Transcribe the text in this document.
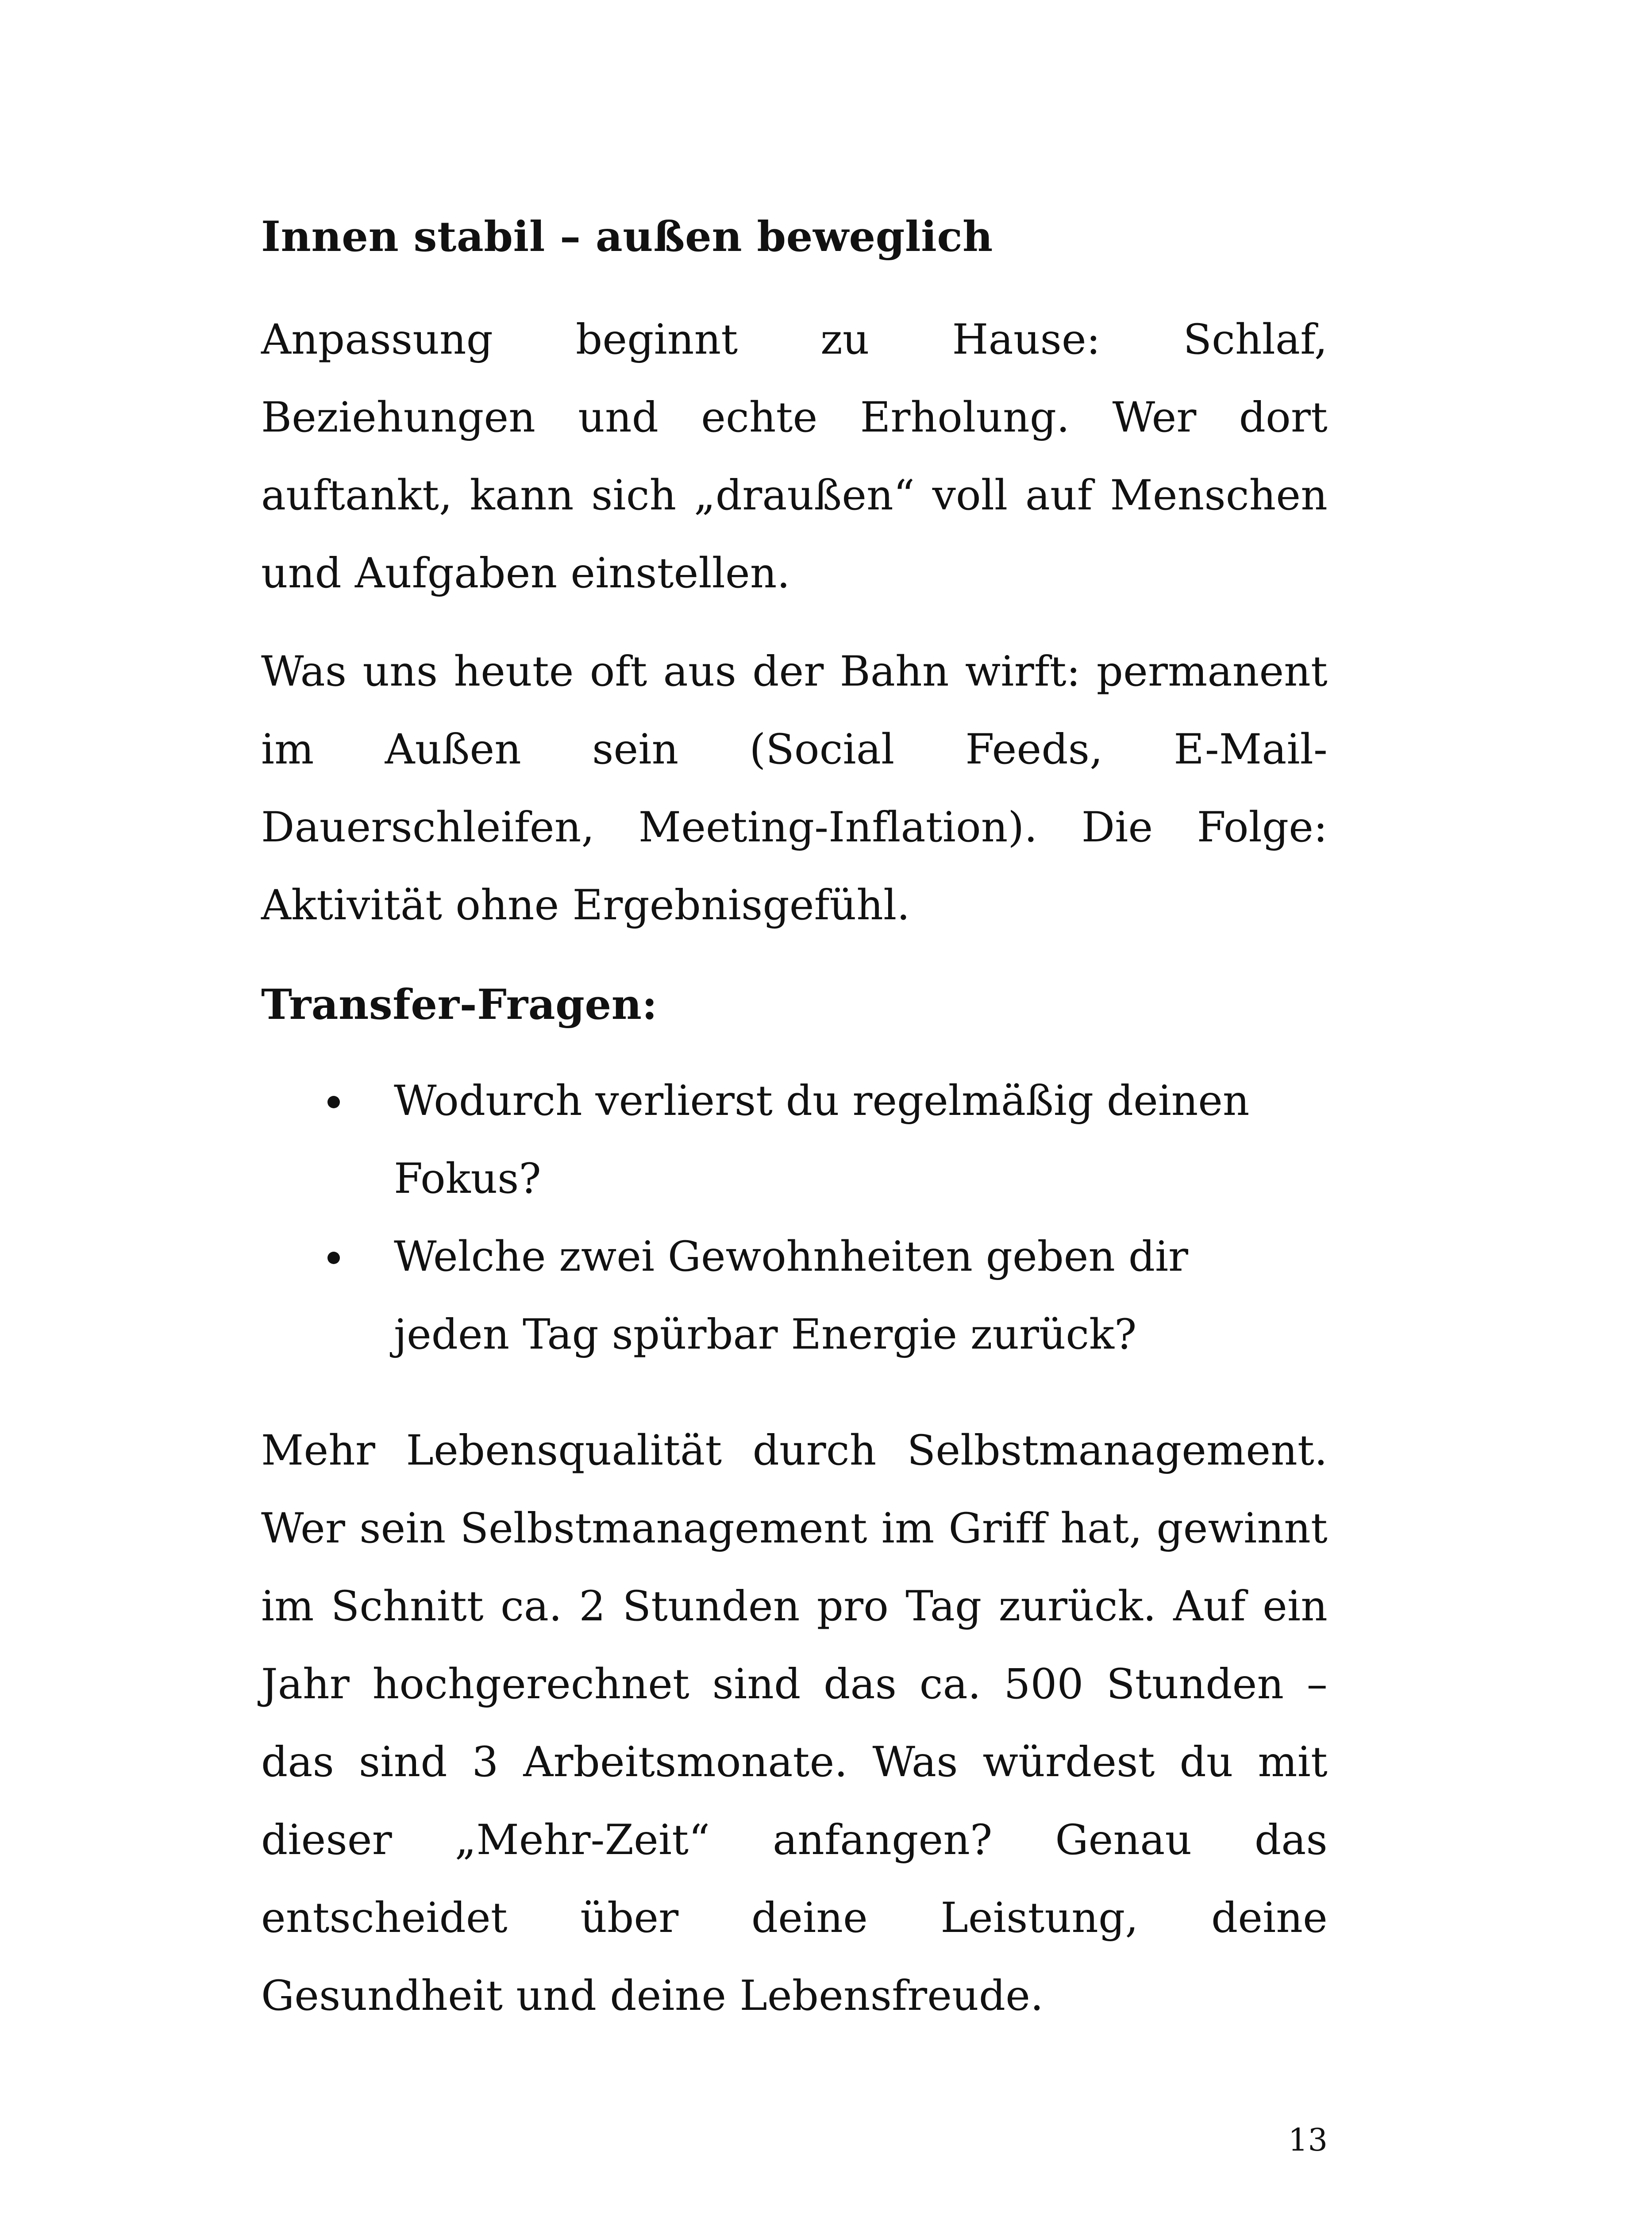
Innen stabil – außen beweglich
Anpassung beginnt zu Hause: Schlaf, Beziehungen und echte Erholung. Wer dort auftankt, kann sich „draußen“ voll auf Menschen und Aufgaben einstellen.
Was uns heute oft aus der Bahn wirft: permanent im Außen sein (Social Feeds, E-Mail-Dauerschleifen, Meeting-Inflation). Die Folge: Aktivität ohne Ergebnisgefühl.
Transfer-Fragen:
Wodurch verlierst du regelmäßig deinen Fokus?
Welche zwei Gewohnheiten geben dir jeden Tag spürbar Energie zurück?
Mehr Lebensqualität durch Selbstmanagement. Wer sein Selbstmanagement im Griff hat, gewinnt im Schnitt ca. 2 Stunden pro Tag zurück. Auf ein Jahr hochgerechnet sind das ca. 500 Stunden – das sind 3 Arbeitsmonate. Was würdest du mit dieser „Mehr-Zeit“ anfangen? Genau das entscheidet über deine Leistung, deine Gesundheit und deine Lebensfreude.
13
